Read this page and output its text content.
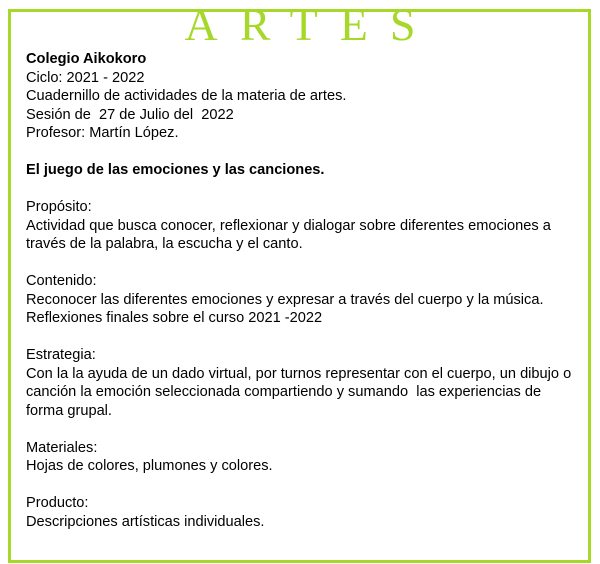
ARTES

Colegio Aikokoro

Ciclo: 2021 - 2022

Cuadernillo de actividades de la materia de artes.

Sesión de  27 de Julio del  2022

Profesor: Martín López.

El juego de las emociones y las canciones.

Propósito:

Actividad que busca conocer, reflexionar y dialogar sobre diferentes emociones a

través de la palabra, la escucha y el canto.

Contenido:

Reconocer las diferentes emociones y expresar a través del cuerpo y la música.

Reflexiones finales sobre el curso 2021 -2022

Estrategia:

Con la la ayuda de un dado virtual, por turnos representar con el cuerpo, un dibujo o

canción la emoción seleccionada compartiendo y sumando  las experiencias de

forma grupal.

Materiales:

Hojas de colores, plumones y colores.

Producto:

Descripciones artísticas individuales.
